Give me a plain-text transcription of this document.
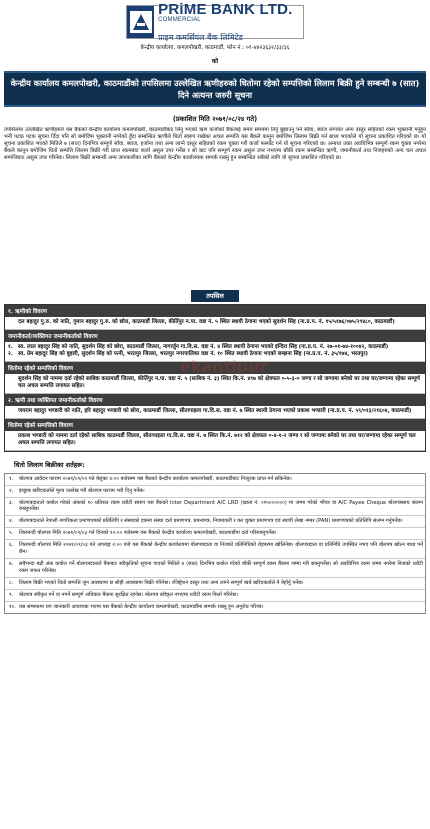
PRiME BANK LTD. $^{COMMERCIAL}$
प्राइम कमर्सियल बैंक लिमिटेड
केन्द्रीय कार्यालय, कमलपोखरी, काठमाडौं, फोन नं.: ०१-४४२३६३२/३३/३६
को
केन्द्रीय कार्यालय कमलपोखरी, काठमाडौंको तपसिलमा उल्लेखित ऋणीहरुको धितोमा रहेको सम्पत्तिको लिलाम बिक्री हुने सम्बन्धी ७ (सात) दिने अत्यन्त जरुरी सूचना
(प्रकाशित मिति २०७१/०८/२४ गते)
तपसिलमा उल्लेखित ऋणीहरुले यस बैंकको केन्द्रीय कार्यालय कमलपोखरी, काठमाडौंबाट लिनु भएको ऋण कर्जाको बैंकलाई समय समयमा तिर्नु बुझाउनु पर्ने साँवा, ब्याज लगायत अन्य दस्तुर सहितको रकम भुक्तानी गर्नुहुन भनी पटक पटक सूचना दिँदा पनि सो बमोजिम भुक्तानी नगरेको हुँदा सम्बन्धित ऋणीले धितो स्वरुप राखेका अचल सम्पत्ति यस बैंकले कानुन बमोजिम लिलाम बिक्री गर्न बाध्य भएकोले यो सूचना प्रकाशित गरिएको छ। यो सूचना प्रकाशित भएको मितिले ७ (सात) दिनभित्र सम्पूर्ण साँवा, ब्याज, हर्जाना तथा अन्य लाग्ने दस्तुर सहितको रकम चुक्ता गरी कर्जा फर्स्योट गर्न यो सूचना गरिएको छ। अन्यथा उक्त अवधिभित्र सम्पूर्ण रकम चुक्ता नगरेमा बैंकले कानुन बमोजिम धितो सम्पत्ति लिलाम बिक्री गरी प्राप्त रकमबाट कर्जा असुल उपर गर्नेछ र सो बाट पनि सम्पूर्ण रकम असुल उपर नभएमा बाँकी रकम सम्बन्धित ऋणी, जमानीकर्ता तथा निजहरुको अन्य चल अचल सम्पत्तिबाट असुल उपर गरिनेछ। लिलाम बिक्री सम्बन्धी अन्य जानकारीका लागि बैंकको केन्द्रीय कार्यालयमा सम्पर्क राख्नु हुन सम्बन्धित सबैको लागि यो सूचना प्रकाशित गरिएको छ।
तपसिल
१. ऋणीको विवरण
दल बहादुर गु.रु. को नाति, गुमान बहादुर गु.रु. को छोरा, काठमाडौं जिल्ला, कीर्तिपुर न.पा. वडा नं. ५ स्थित स्थायी ठेगाना भएको सुदर्शन सिंह (ना.प्र.प. नं. १५/५१७६/०७५/२९४८०, काठमाडौं)
जमानीकर्ता/व्यक्तिगत जमानीकर्ताको विवरण
१. स्व. लाल बहादुर सिंह को नाति, सुदर्शन सिंह को छोरा, काठमाडौं जिल्ला, नागार्जुन गा.वि.स. वडा नं. ४ स्थित स्थायी ठेगाना भएको इन्दिरा सिंह (ना.प्र.प. नं. २७-०१-७४-१००४२, काठमाडौं)
२. स्व. प्रेम बहादुर सिंह को बुहारी, सुदर्शन सिंह को पत्नी, भरतपुर जिल्ला, भरतपुर नगरपालिका वडा नं. १० स्थित स्थायी ठेगाना भएको सम्झना सिंह (ना.प्र.प. नं. ३५/१७४, भरतपुर)
धितोमा रहेको सम्पत्तिको विवरण
सुदर्शन सिंह को नाममा दर्ता रहेको साबिक काठमाडौं जिल्ला, कीर्तिपुर न.पा. वडा नं. ५ (साबिक नं. ३) स्थित कि.नं. ४९७ को क्षेत्रफल ०-५-३-० जग्गा र सो जग्गामा बनेको घर तथा घर/जग्गामा रहेका सम्पूर्ण चल अचल सम्पत्ति लगायत सहित।
२. ऋणी तथा व्यक्तिगत जमानीकर्ताको विवरण
जयराम बहादुर भण्डारी को नाति, हरि बहादुर भण्डारी को छोरा, काठमाडौं जिल्ला, सीतापाइला गा.वि.स. वडा नं. ७ स्थित स्थायी ठेगाना भएको प्रकाश भण्डारी (ना.प्र.प. नं. ५९/०१३/२१६०४, काठमाडौं)
धितोमा रहेको सम्पत्तिको विवरण
प्रकाश भण्डारी को नाममा दर्ता रहेको साबिक काठमाडौं जिल्ला, सीतापाइला गा.वि.स. वडा नं. ७ स्थित कि.नं. ७१२ को क्षेत्रफल ०-४-१-२ जग्गा र सो जग्गामा बनेको घर तथा घर/जग्गामा रहेका सम्पूर्ण चल अचल सम्पत्ति लगायत सहित।
धितो लिलाम बिक्रीका शर्तहरू:
१.	बोलपत्र आवेदन फाराम २०७१/०९/०२ गते बेलुका ४:०० बजेसम्म यस बैंकको केन्द्रीय कार्यालय कमलपोखरी, काठमाडौंबाट निःशुल्क प्राप्त गर्न सकिनेछ।
२.	इच्छुक खरिदकर्ताले मूल्य उल्लेख गरी बोलपत्र फाराम भरी दिनु पर्नेछ।
३.	बोलपत्रदाताले कबोल गरेको अंकको १० प्रतिशत रकम धरौटी स्वरुप यस बैंकको Inter Department A/C LRD (खाता नं. ०१५००००००) मा जम्मा गरेको भौचर वा A/C Payee Cheque बोलपत्रसाथ संलग्न राख्नुपर्नेछ।
४.	बोलपत्रदाताले नेपाली नागरिकता प्रमाणपत्रको प्रतिलिपि र संस्थाको हकमा संस्था दर्ता प्रमाणपत्र, प्रबन्धपत्र, नियमावली र कर चुक्ता प्रमाणपत्र एवं स्थायी लेखा नम्बर (PAN) प्रमाणपत्रको प्रतिलिपि संलग्न गर्नुपर्नेछ।
५.	शिलबन्दी बोलपत्र मिति २०७१/०९/०३ गते दिनको १२:०० बजेसम्म यस बैंकको केन्द्रीय कार्यालय कमलपोखरी, काठमाडौंमा दर्ता गरिसक्नुपर्नेछ।
६.	शिलबन्दी बोलपत्र मिति २०७१/०९/०३ गते अपराह्न २:०० बजे यस बैंकको केन्द्रीय कार्यालयमा बोलपत्रदाता वा निजको प्रतिनिधिको रोहबरमा खोलिनेछ। बोलपत्रदाता वा प्रतिनिधि उपस्थित नभए पनि बोलपत्र खोल्न बाधा पर्ने छैन।
७.	सबैभन्दा बढी अंक कबोल गर्ने बोलपत्रदाताले बैंकबाट स्वीकृतिको सूचना पाएको मितिले ७ (सात) दिनभित्र कबोल गरेको बाँकी सम्पूर्ण रकम बैंकमा जम्मा गरी सक्नुपर्नेछ। सो अवधिभित्र रकम जम्मा नगरेमा निजको धरौटी रकम जफत गरिनेछ।
८.	लिलाम बिक्री भएको धितो सम्पत्ति जुन अवस्थामा छ सोही अवस्थामा बिक्री गरिनेछ। रजिष्ट्रेशन दस्तुर तथा अन्य लाग्ने सम्पूर्ण खर्च खरिदकर्ताले नै बेहोर्नु पर्नेछ।
९.	बोलपत्र स्वीकृत गर्ने वा नगर्ने सम्पूर्ण अधिकार बैंकमा सुरक्षित रहनेछ। बोलपत्र स्वीकृत नभएमा धरौटी रकम फिर्ता गरिनेछ।
१०. यस सम्बन्धमा थप जानकारी आवश्यक भएमा यस बैंकको केन्द्रीय कार्यालय कमलपोखरी, काठमाडौंमा सम्पर्क राख्नु हुन अनुरोध गरिन्छ।
ekantipur
